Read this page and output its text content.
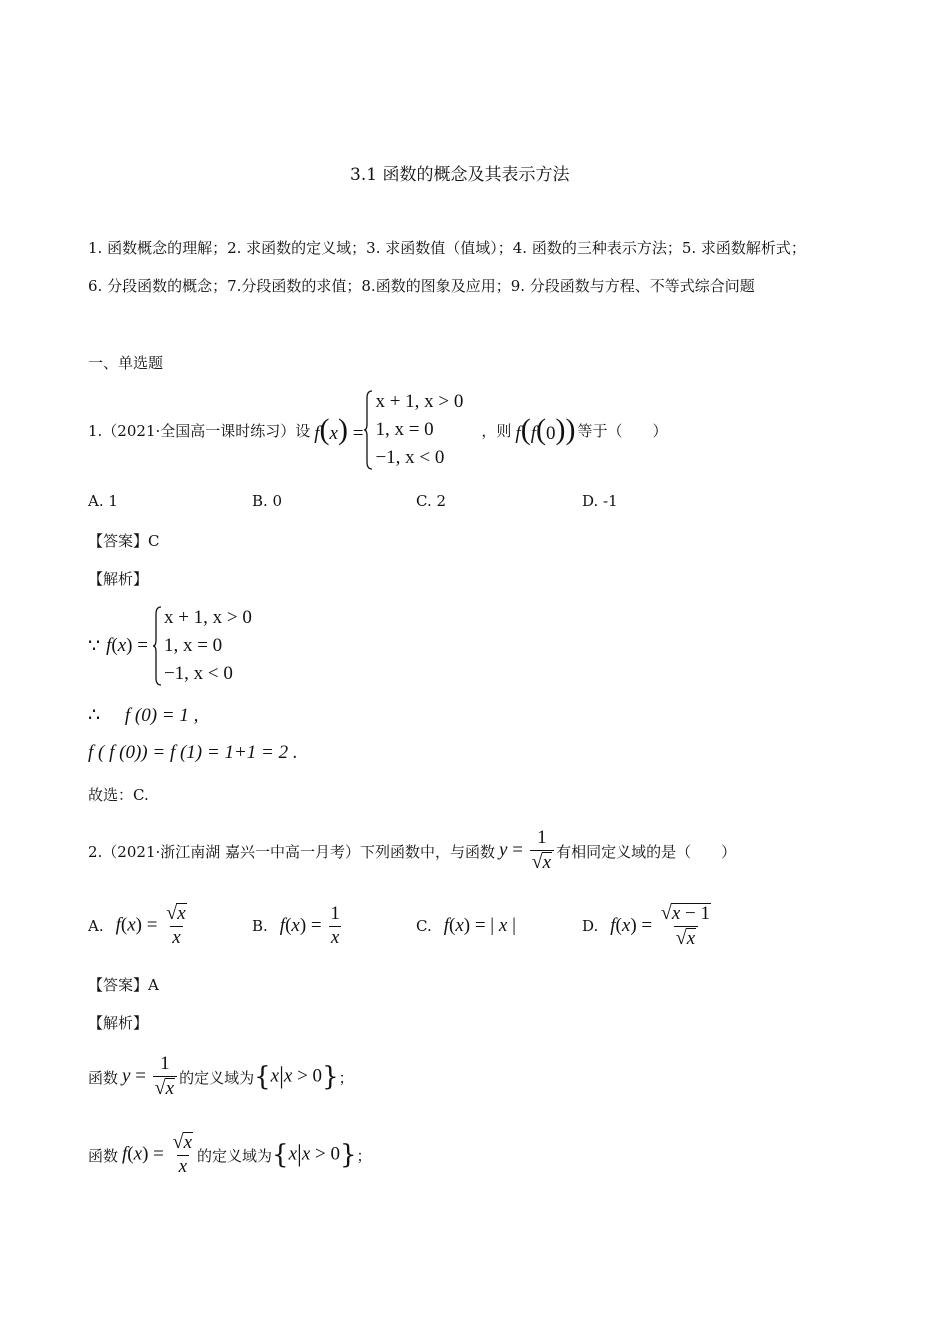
3.1 函数的概念及其表示方法
1. 函数概念的理解；2. 求函数的定义域；3. 求函数值（值域）；4. 函数的三种表示方法；5. 求函数解析式；
6. 分段函数的概念；7.分段函数的求值；8.函数的图象及应用；9. 分段函数与方程、不等式综合问题
一、单选题
1.（2021·全国高一课时练习）设 f(x) =
x + 1, x > 0
1, x = 0
−1, x < 0
，则 f(f(0)) 等于（　　）
A. 1	B. 0	C. 2	D. -1
【答案】C
【解析】
∵ f(x) =
x + 1, x > 0
1, x = 0
−1, x < 0
∴ f (0) = 1 ,
f ( f (0)) = f (1) = 1+1 = 2 .
故选：C.
2.（2021·浙江南湖 嘉兴一中高一月考）下列函数中，与函数 $y = \frac{1}{√ x}$ 有相同定义域的是（　　）
A. $f(x) = \frac{√ x}{x}$	B. $f(x) = \frac{1}{x}$	C. f(x) = | x |	D. $f(x) = \frac{√ x - 1}{√ x}$
【答案】A
【解析】
函数 $y = \frac{1}{√ x}$ 的定义域为 {x|x > 0} ；
函数 $f(x) = \frac{√ x}{x}$ 的定义域为 {x|x > 0} ；
